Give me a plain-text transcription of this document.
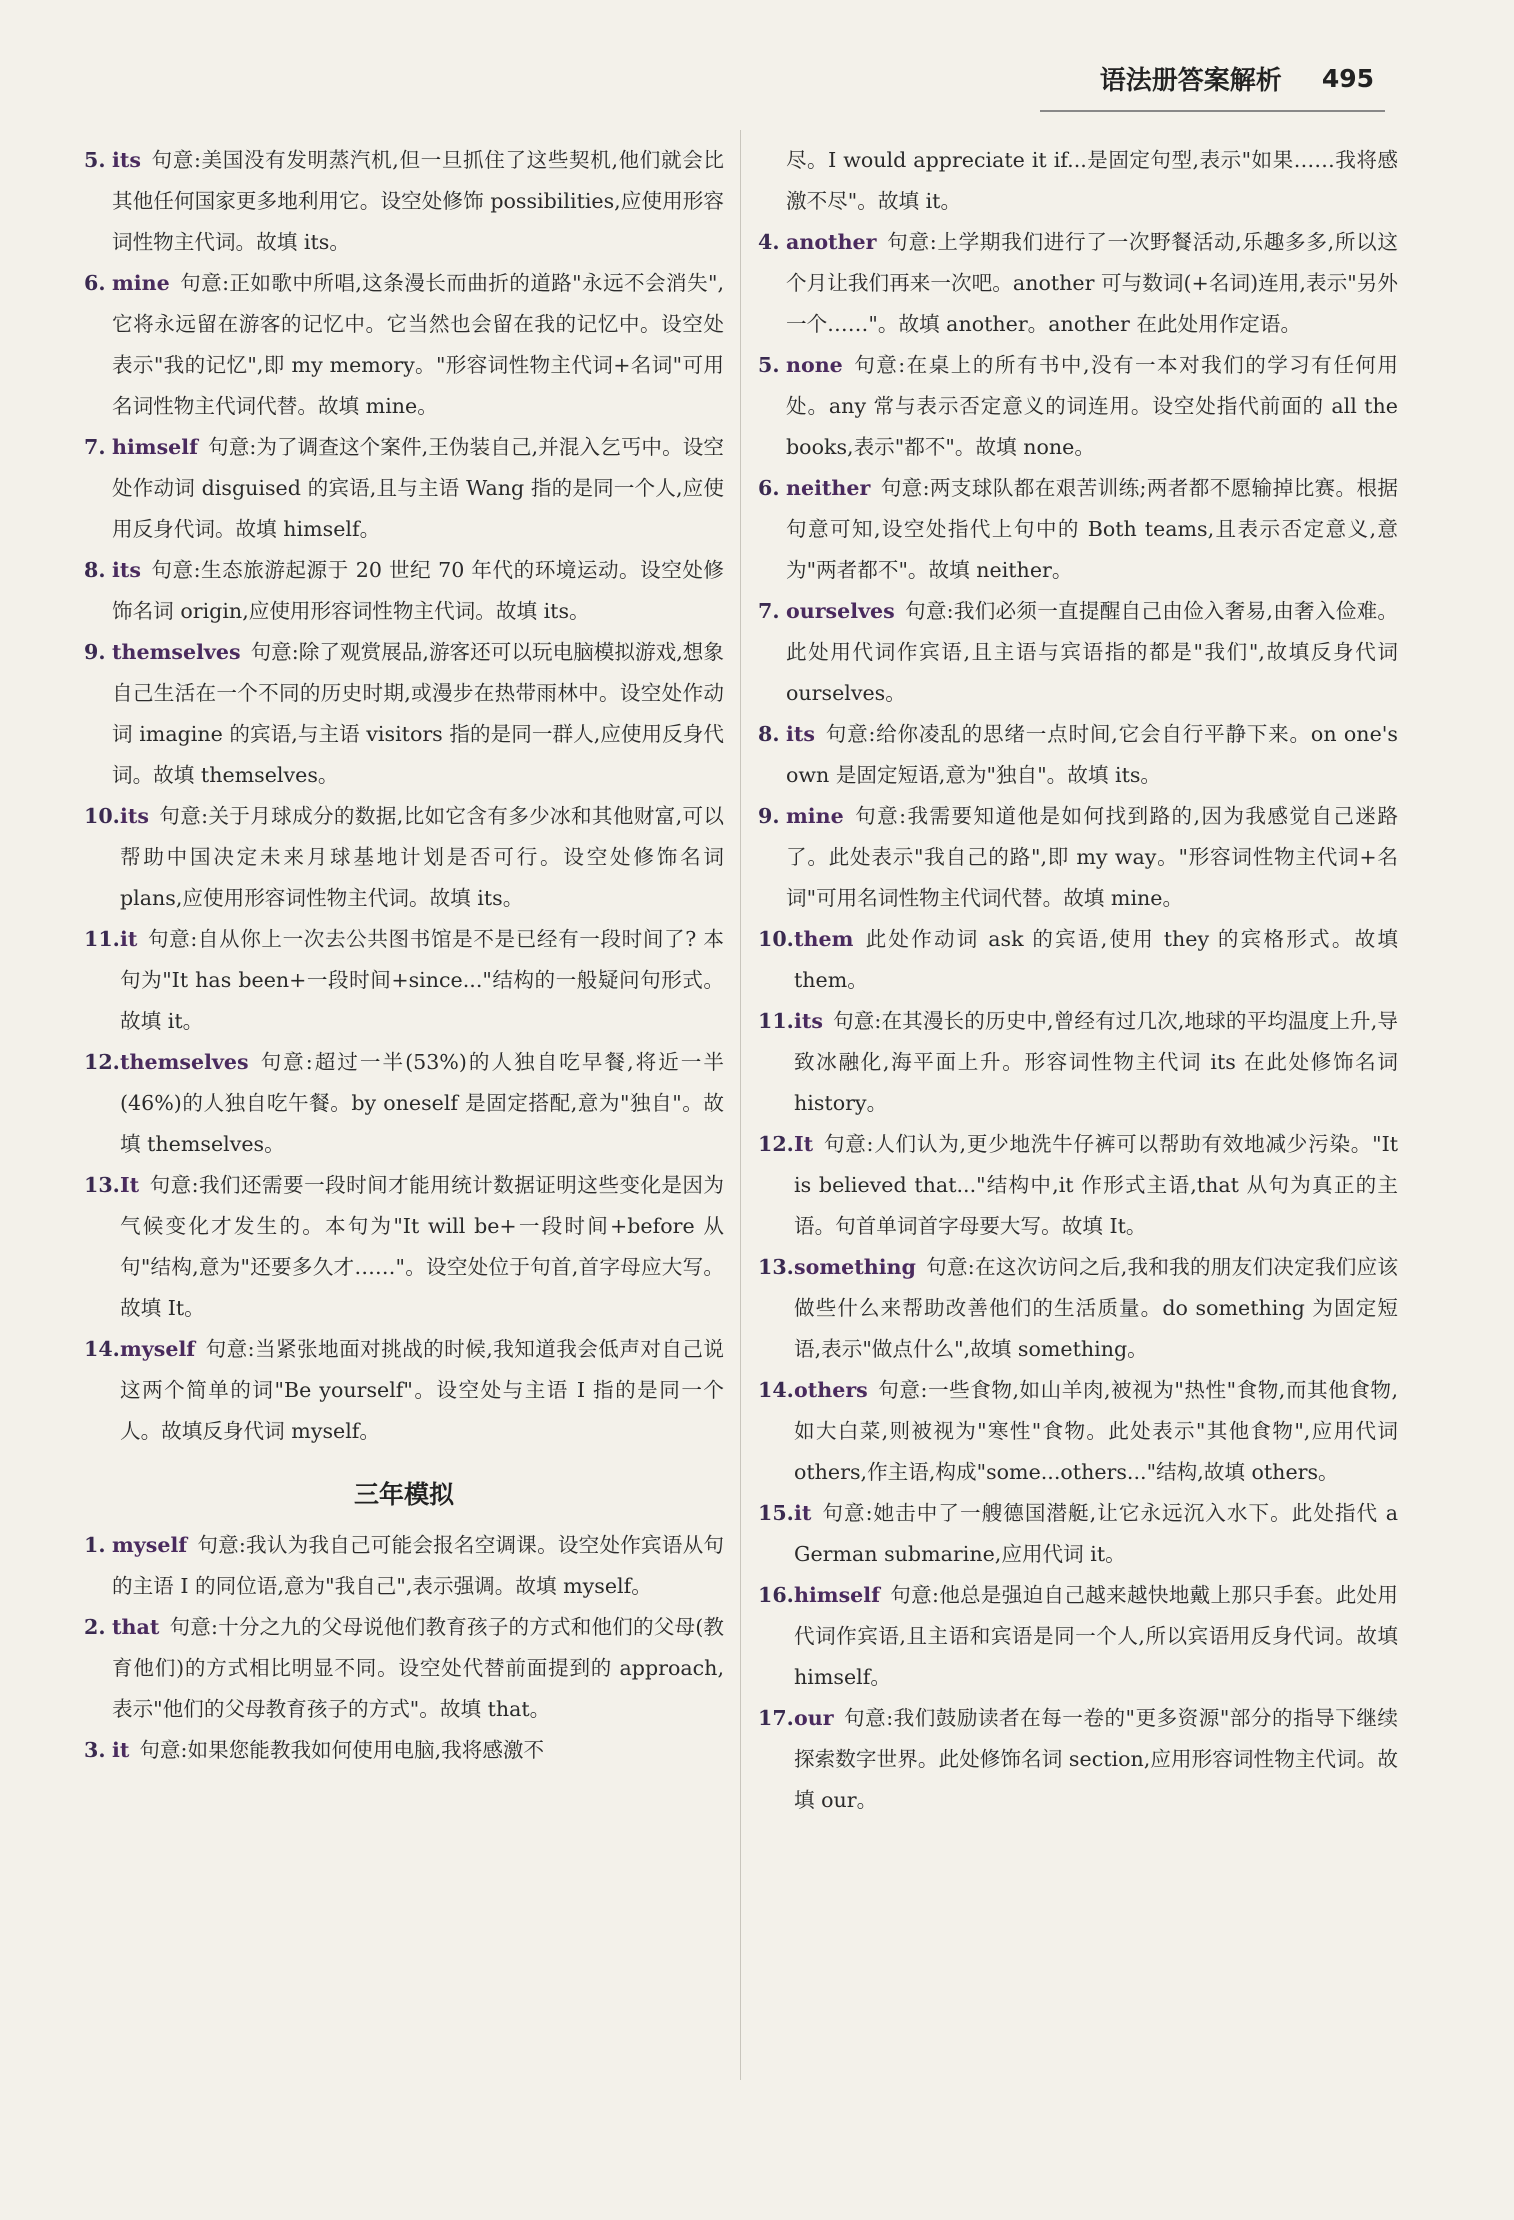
语法册答案解析 495
5. its 句意:美国没有发明蒸汽机,但一旦抓住了这些契机,他们就会比其他任何国家更多地利用它。设空处修饰 possibilities,应使用形容词性物主代词。故填 its。
6. mine 句意:正如歌中所唱,这条漫长而曲折的道路"永远不会消失",它将永远留在游客的记忆中。它当然也会留在我的记忆中。设空处表示"我的记忆",即 my memory。"形容词性物主代词+名词"可用名词性物主代词代替。故填 mine。
7. himself 句意:为了调查这个案件,王伪装自己,并混入乞丐中。设空处作动词 disguised 的宾语,且与主语 Wang 指的是同一个人,应使用反身代词。故填 himself。
8. its 句意:生态旅游起源于 20 世纪 70 年代的环境运动。设空处修饰名词 origin,应使用形容词性物主代词。故填 its。
9. themselves 句意:除了观赏展品,游客还可以玩电脑模拟游戏,想象自己生活在一个不同的历史时期,或漫步在热带雨林中。设空处作动词 imagine 的宾语,与主语 visitors 指的是同一群人,应使用反身代词。故填 themselves。
10. its 句意:关于月球成分的数据,比如它含有多少冰和其他财富,可以帮助中国决定未来月球基地计划是否可行。设空处修饰名词 plans,应使用形容词性物主代词。故填 its。
11. it 句意:自从你上一次去公共图书馆是不是已经有一段时间了? 本句为"It has been+一段时间+since..."结构的一般疑问句形式。故填 it。
12. themselves 句意:超过一半(53%)的人独自吃早餐,将近一半(46%)的人独自吃午餐。by oneself 是固定搭配,意为"独自"。故填 themselves。
13. It 句意:我们还需要一段时间才能用统计数据证明这些变化是因为气候变化才发生的。本句为"It will be+一段时间+before 从句"结构,意为"还要多久才……"。设空处位于句首,首字母应大写。故填 It。
14. myself 句意:当紧张地面对挑战的时候,我知道我会低声对自己说这两个简单的词"Be yourself"。设空处与主语 I 指的是同一个人。故填反身代词 myself。
三年模拟
1. myself 句意:我认为我自己可能会报名空调课。设空处作宾语从句的主语 I 的同位语,意为"我自己",表示强调。故填 myself。
2. that 句意:十分之九的父母说他们教育孩子的方式和他们的父母(教育他们)的方式相比明显不同。设空处代替前面提到的 approach,表示"他们的父母教育孩子的方式"。故填 that。
3. it 句意:如果您能教我如何使用电脑,我将感激不
尽。I would appreciate it if...是固定句型,表示"如果……我将感激不尽"。故填 it。
4. another 句意:上学期我们进行了一次野餐活动,乐趣多多,所以这个月让我们再来一次吧。another 可与数词(+名词)连用,表示"另外一个……"。故填 another。another 在此处用作定语。
5. none 句意:在桌上的所有书中,没有一本对我们的学习有任何用处。any 常与表示否定意义的词连用。设空处指代前面的 all the books,表示"都不"。故填 none。
6. neither 句意:两支球队都在艰苦训练;两者都不愿输掉比赛。根据句意可知,设空处指代上句中的 Both teams,且表示否定意义,意为"两者都不"。故填 neither。
7. ourselves 句意:我们必须一直提醒自己由俭入奢易,由奢入俭难。此处用代词作宾语,且主语与宾语指的都是"我们",故填反身代词 ourselves。
8. its 句意:给你凌乱的思绪一点时间,它会自行平静下来。on one's own 是固定短语,意为"独自"。故填 its。
9. mine 句意:我需要知道他是如何找到路的,因为我感觉自己迷路了。此处表示"我自己的路",即 my way。"形容词性物主代词+名词"可用名词性物主代词代替。故填 mine。
10. them 此处作动词 ask 的宾语,使用 they 的宾格形式。故填 them。
11. its 句意:在其漫长的历史中,曾经有过几次,地球的平均温度上升,导致冰融化,海平面上升。形容词性物主代词 its 在此处修饰名词 history。
12. It 句意:人们认为,更少地洗牛仔裤可以帮助有效地减少污染。"It is believed that..."结构中,it 作形式主语,that 从句为真正的主语。句首单词首字母要大写。故填 It。
13. something 句意:在这次访问之后,我和我的朋友们决定我们应该做些什么来帮助改善他们的生活质量。do something 为固定短语,表示"做点什么",故填 something。
14. others 句意:一些食物,如山羊肉,被视为"热性"食物,而其他食物,如大白菜,则被视为"寒性"食物。此处表示"其他食物",应用代词 others,作主语,构成"some...others..."结构,故填 others。
15. it 句意:她击中了一艘德国潜艇,让它永远沉入水下。此处指代 a German submarine,应用代词 it。
16. himself 句意:他总是强迫自己越来越快地戴上那只手套。此处用代词作宾语,且主语和宾语是同一个人,所以宾语用反身代词。故填 himself。
17. our 句意:我们鼓励读者在每一卷的"更多资源"部分的指导下继续探索数字世界。此处修饰名词 section,应用形容词性物主代词。故填 our。
